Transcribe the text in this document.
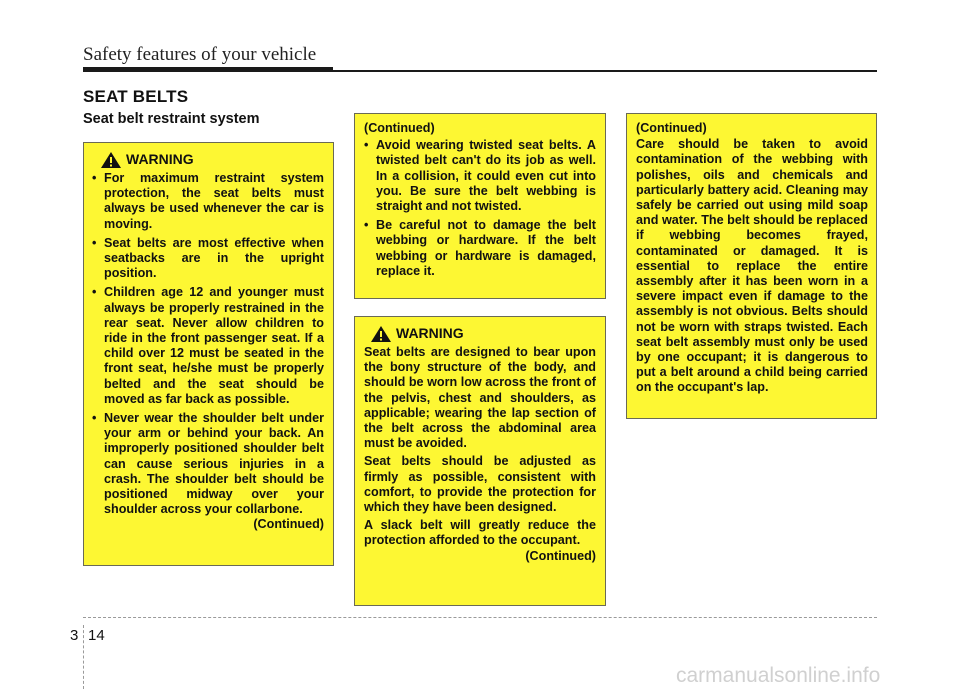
Safety features of your vehicle
SEAT BELTS
Seat belt restraint system
WARNING
• For maximum restraint system protection, the seat belts must always be used whenever the car is moving.
• Seat belts are most effective when seatbacks are in the upright position.
• Children age 12 and younger must always be properly restrained in the rear seat. Never allow children to ride in the front passenger seat. If a child over 12 must be seated in the front seat, he/she must be properly belted and the seat should be moved as far back as possible.
• Never wear the shoulder belt under your arm or behind your back. An improperly positioned shoulder belt can cause serious injuries in a crash. The shoulder belt should be positioned midway over your shoulder across your collarbone.

(Continued)

(Continued)

• Avoid wearing twisted seat belts. A twisted belt can't do its job as well. In a collision, it could even cut into you. Be sure the belt webbing is straight and not twisted.
• Be careful not to damage the belt webbing or hardware. If the belt webbing or hardware is damaged, replace it.
WARNING

Seat belts are designed to bear upon the bony structure of the body, and should be worn low across the front of the pelvis, chest and shoulders, as applicable; wearing the lap section of the belt across the abdominal area must be avoided.

Seat belts should be adjusted as firmly as possible, consistent with comfort, to provide the protection for which they have been designed.

A slack belt will greatly reduce the protection afforded to the occupant.

(Continued)

(Continued)

Care should be taken to avoid contamination of the webbing with polishes, oils and chemicals and particularly battery acid. Cleaning may safely be carried out using mild soap and water. The belt should be replaced if webbing becomes frayed, contaminated or damaged. It is essential to replace the entire assembly after it has been worn in a severe impact even if damage to the assembly is not obvious. Belts should not be worn with straps twisted. Each seat belt assembly must only be used by one occupant; it is dangerous to put a belt around a child being carried on the occupant's lap.

3 14
carmanualsonline.info
